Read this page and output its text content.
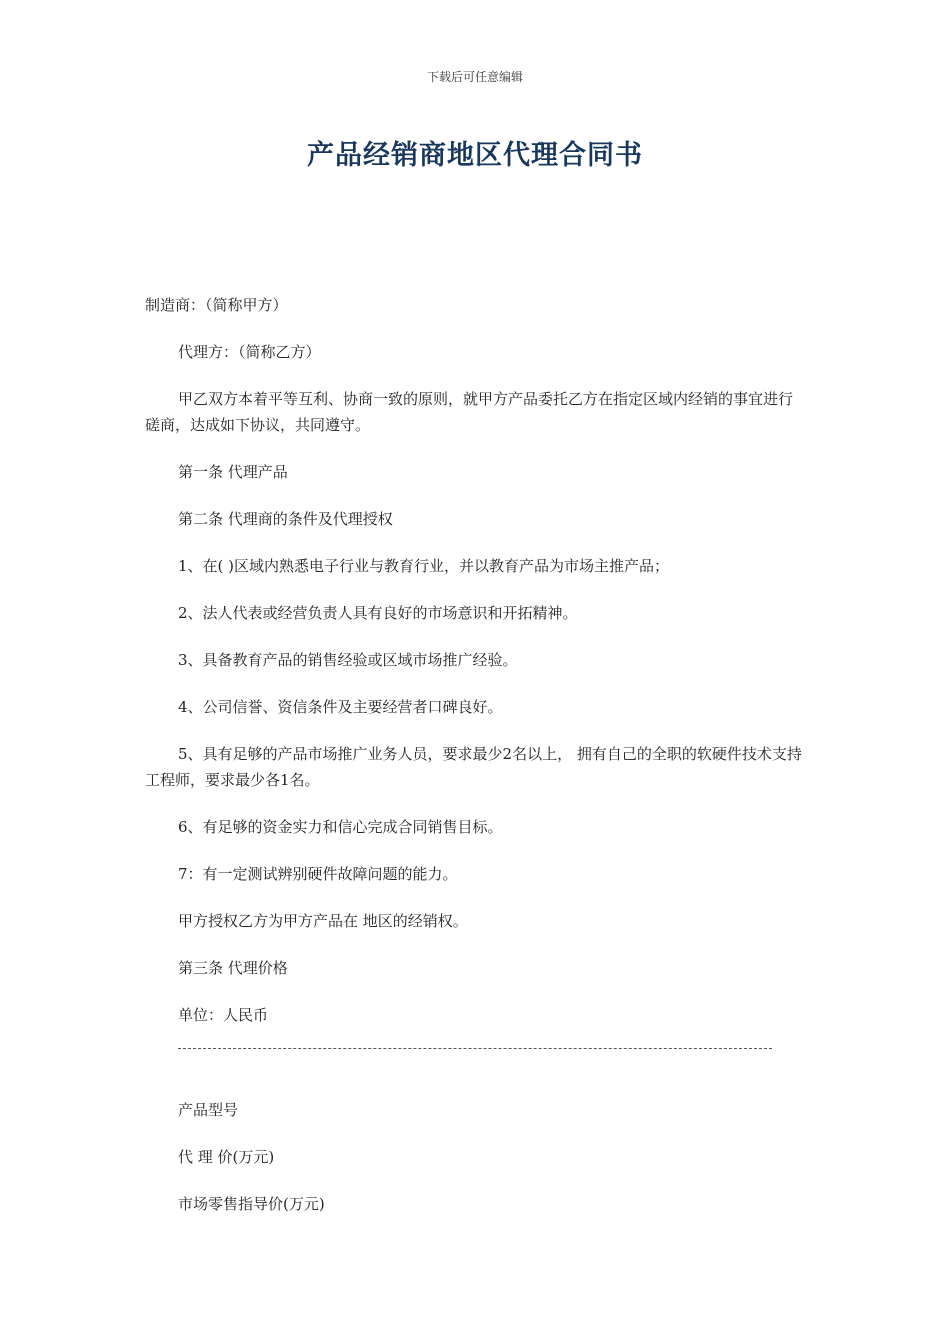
下载后可任意编辑
产品经销商地区代理合同书
制造商：（简称甲方）
代理方：（简称乙方）
甲乙双方本着平等互利、协商一致的原则，就甲方产品委托乙方在指定区域内经销的事宜进行磋商，达成如下协议，共同遵守。
第一条 代理产品
第二条 代理商的条件及代理授权
1、在( )区域内熟悉电子行业与教育行业，并以教育产品为市场主推产品；
2、法人代表或经营负责人具有良好的市场意识和开拓精神。
3、具备教育产品的销售经验或区域市场推广经验。
4、公司信誉、资信条件及主要经营者口碑良好。
5、具有足够的产品市场推广业务人员，要求最少2名以上， 拥有自己的全职的软硬件技术支持工程师，要求最少各1名。
6、有足够的资金实力和信心完成合同销售目标。
7：有一定测试辨别硬件故障问题的能力。
甲方授权乙方为甲方产品在 地区的经销权。
第三条 代理价格
单位：人民币
产品型号
代 理 价(万元)
市场零售指导价(万元)
